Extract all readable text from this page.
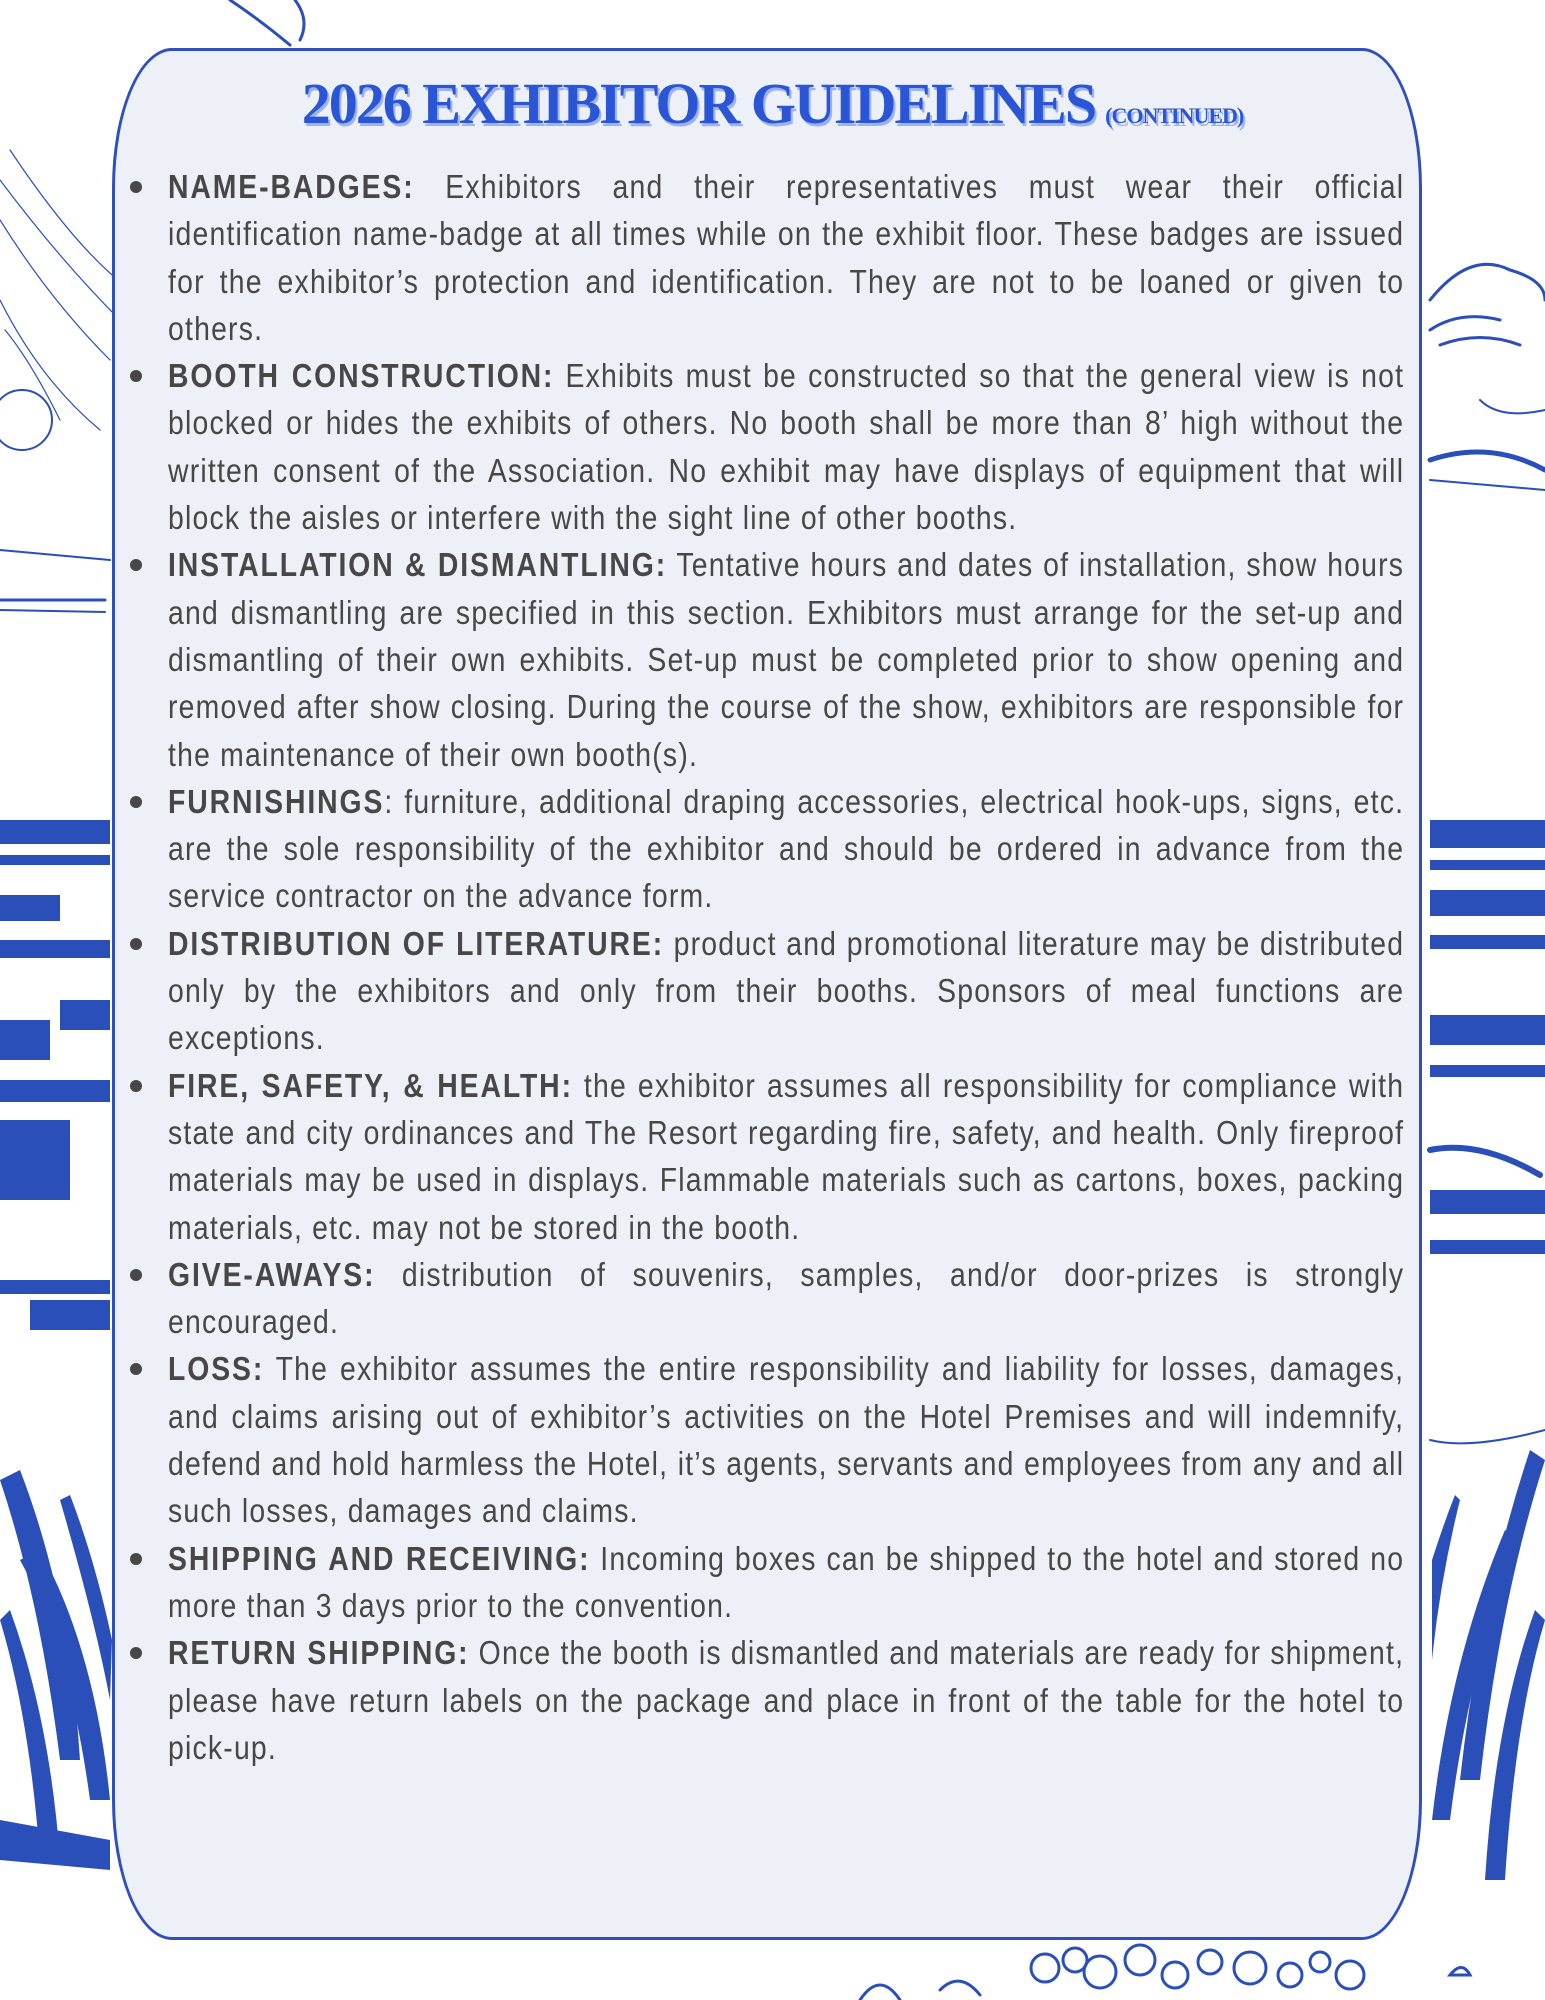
2026 EXHIBITOR GUIDELINES (CONTINUED)
NAME-BADGES: Exhibitors and their representatives must wear their official identification name-badge at all times while on the exhibit floor. These badges are issued for the exhibitor’s protection and identification. They are not to be loaned or given to others.
BOOTH CONSTRUCTION: Exhibits must be constructed so that the general view is not blocked or hides the exhibits of others. No booth shall be more than 8’ high without the written consent of the Association. No exhibit may have displays of equipment that will block the aisles or interfere with the sight line of other booths.
INSTALLATION & DISMANTLING: Tentative hours and dates of installation, show hours and dismantling are specified in this section. Exhibitors must arrange for the set-up and dismantling of their own exhibits. Set-up must be completed prior to show opening and removed after show closing. During the course of the show, exhibitors are responsible for the maintenance of their own booth(s).
FURNISHINGS: furniture, additional draping accessories, electrical hook-ups, signs, etc. are the sole responsibility of the exhibitor and should be ordered in advance from the service contractor on the advance form.
DISTRIBUTION OF LITERATURE: product and promotional literature may be distributed only by the exhibitors and only from their booths. Sponsors of meal functions are exceptions.
FIRE, SAFETY, & HEALTH: the exhibitor assumes all responsibility for compliance with state and city ordinances and The Resort regarding fire, safety, and health. Only fireproof materials may be used in displays. Flammable materials such as cartons, boxes, packing materials, etc. may not be stored in the booth.
GIVE-AWAYS: distribution of souvenirs, samples, and/or door-prizes is strongly encouraged.
LOSS: The exhibitor assumes the entire responsibility and liability for losses, damages, and claims arising out of exhibitor’s activities on the Hotel Premises and will indemnify, defend and hold harmless the Hotel, it’s agents, servants and employees from any and all such losses, damages and claims.
SHIPPING AND RECEIVING: Incoming boxes can be shipped to the hotel and stored no more than 3 days prior to the convention.
RETURN SHIPPING: Once the booth is dismantled and materials are ready for shipment, please have return labels on the package and place in front of the table for the hotel to pick-up.
